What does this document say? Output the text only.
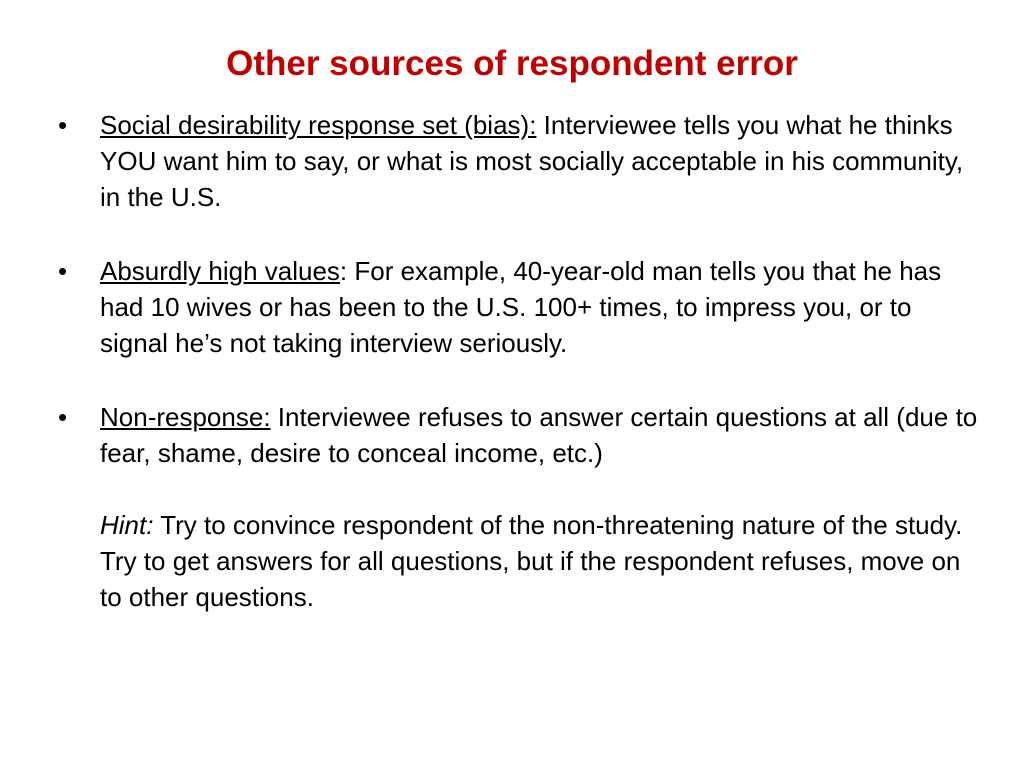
Other sources of respondent error
•	Social desirability response set (bias): Interviewee tells you what he thinks YOU want him to say, or what is most socially acceptable in his community, in the U.S.
•	Absurdly high values: For example, 40-year-old man tells you that he has had 10 wives or has been to the U.S. 100+ times, to impress you, or to signal he’s not taking interview seriously.
•	Non-response: Interviewee refuses to answer certain questions at all (due to fear, shame, desire to conceal income, etc.)
Hint: Try to convince respondent of the non-threatening nature of the study. Try to get answers for all questions, but if the respondent refuses, move on to other questions.
